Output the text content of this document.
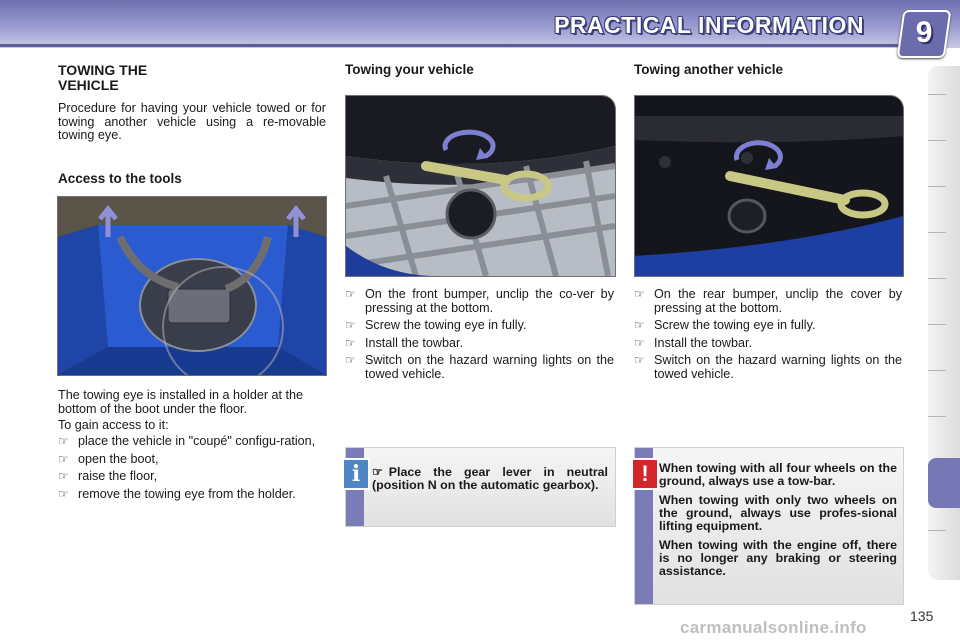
PRACTICAL INFORMATION	9
TOWING THE VEHICLE

Procedure for having your vehicle towed or for towing another vehicle using a re-movable towing eye.

Access to the tools

The towing eye is installed in a holder at the bottom of the boot under the floor.

To gain access to it:

☞ place the vehicle in "coupé" configu-ration,
☞ open the boot,
☞ raise the floor,
☞ remove the towing eye from the holder.
Towing your vehicle
☞ On the front bumper, unclip the co-ver by pressing at the bottom.
☞ Screw the towing eye in fully.
☞ Install the towbar.
☞ Switch on the hazard warning lights on the towed vehicle.
i ☞ Place the gear lever in neutral (position N on the automatic gearbox).
Towing another vehicle
☞ On the rear bumper, unclip the cover by pressing at the bottom.
☞ Screw the towing eye in fully.
☞ Install the towbar.
☞ Switch on the hazard warning lights on the towed vehicle.
! When towing with all four wheels on the ground, always use a tow-bar.

When towing with only two wheels on the ground, always use profes-sional lifting equipment.

When towing with the engine off, there is no longer any braking or steering assistance.

135
carmanualsonline.info
